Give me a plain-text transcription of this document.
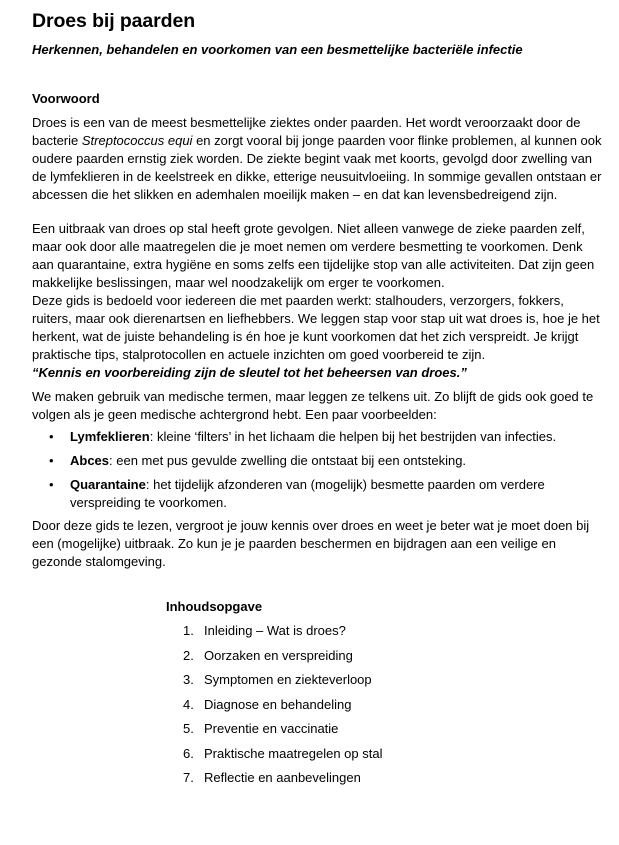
Droes bij paarden
Herkennen, behandelen en voorkomen van een besmettelijke bacteriële infectie
Voorwoord

Droes is een van de meest besmettelijke ziektes onder paarden. Het wordt veroorzaakt door de bacterie Streptococcus equi en zorgt vooral bij jonge paarden voor flinke problemen, al kunnen ook oudere paarden ernstig ziek worden. De ziekte begint vaak met koorts, gevolgd door zwelling van de lymfeklieren in de keelstreek en dikke, etterige neusuitvloeiing. In sommige gevallen ontstaan er abcessen die het slikken en ademhalen moeilijk maken – en dat kan levensbedreigend zijn.

Een uitbraak van droes op stal heeft grote gevolgen. Niet alleen vanwege de zieke paarden zelf, maar ook door alle maatregelen die je moet nemen om verdere besmetting te voorkomen. Denk aan quarantaine, extra hygiëne en soms zelfs een tijdelijke stop van alle activiteiten. Dat zijn geen makkelijke beslissingen, maar wel noodzakelijk om erger te voorkomen.

Deze gids is bedoeld voor iedereen die met paarden werkt: stalhouders, verzorgers, fokkers, ruiters, maar ook dierenartsen en liefhebbers. We leggen stap voor stap uit wat droes is, hoe je het herkent, wat de juiste behandeling is én hoe je kunt voorkomen dat het zich verspreidt. Je krijgt praktische tips, stalprotocollen en actuele inzichten om goed voorbereid te zijn.

“Kennis en voorbereiding zijn de sleutel tot het beheersen van droes.”

We maken gebruik van medische termen, maar leggen ze telkens uit. Zo blijft de gids ook goed te volgen als je geen medische achtergrond hebt. Een paar voorbeelden:

• Lymfeklieren: kleine ‘filters’ in het lichaam die helpen bij het bestrijden van infecties.
• Abces: een met pus gevulde zwelling die ontstaat bij een ontsteking.
• Quarantaine: het tijdelijk afzonderen van (mogelijk) besmette paarden om verdere verspreiding te voorkomen.

Door deze gids te lezen, vergroot je jouw kennis over droes en weet je beter wat je moet doen bij een (mogelijke) uitbraak. Zo kun je je paarden beschermen en bijdragen aan een veilige en gezonde stalomgeving.

Inhoudsopgave
1. Inleiding – Wat is droes?
2. Oorzaken en verspreiding
3. Symptomen en ziekteverloop
4. Diagnose en behandeling
5. Preventie en vaccinatie
6. Praktische maatregelen op stal
7. Reflectie en aanbevelingen
